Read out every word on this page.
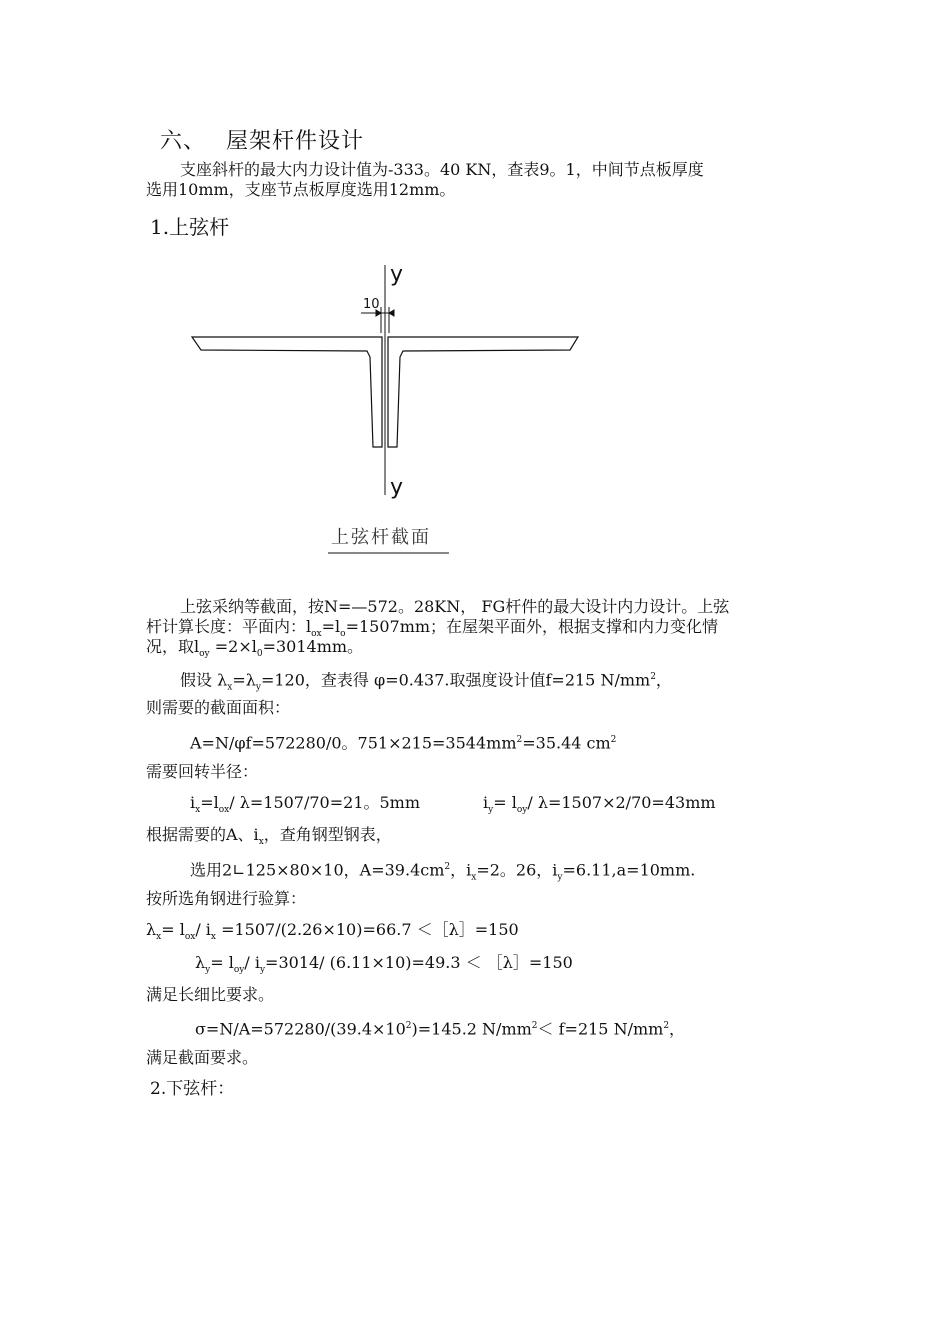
六、 屋架杆件设计
支座斜杆的最大内力设计值为-333。40 KN，查表9。1，中间节点板厚度
选用10mm，支座节点板厚度选用12mm。
1.上弦杆
y
y
10
上弦杆截面
上弦采纳等截面，按N=—572。28KN， FG杆件的最大设计内力设计。上弦
杆计算长度：平面内：$l_{ox}=l_o=1507mm$；在屋架平面外，根据支撑和内力变化情
况，取$l_{oy} =2\times l_0=3014mm$。
假设 $\lambda_x=\lambda_y=120$，查表得 φ=0.437.取强度设计值f=215 $N/mm^2$，
则需要的截面面积：
A=N/φf=572280/0。$751\times 215=3544mm^2=35.44$ $cm^2$
需要回转半径：
$i_x=l_{ox}/$ λ=1507/70=21。5mm	$i_y= l_{oy}/$ λ=1507×2/70=43mm
根据需要的A、$i_x$，查角钢型钢表，
选用2∟125×80×10，$A=39.4cm^2$，$i_x=2$。26，$i_y=6.11,a=10mm$.
按所选角钢进行验算：
$\lambda_x= l_{ox}/$ $i_x =1507/(2.26\times 10)=66.7$ ＜［λ］=150
$\lambda_y= l_{oy}/$ $i_y=3014/$ (6.11×10)=49.3 ＜ ［λ］=150
满足长细比要求。
$\sigma=N/A=572280/(39.4\times 10^2)=145.2$ $N/mm^2< f=215$ $N/mm^2$，
满足截面要求。
2.下弦杆：
